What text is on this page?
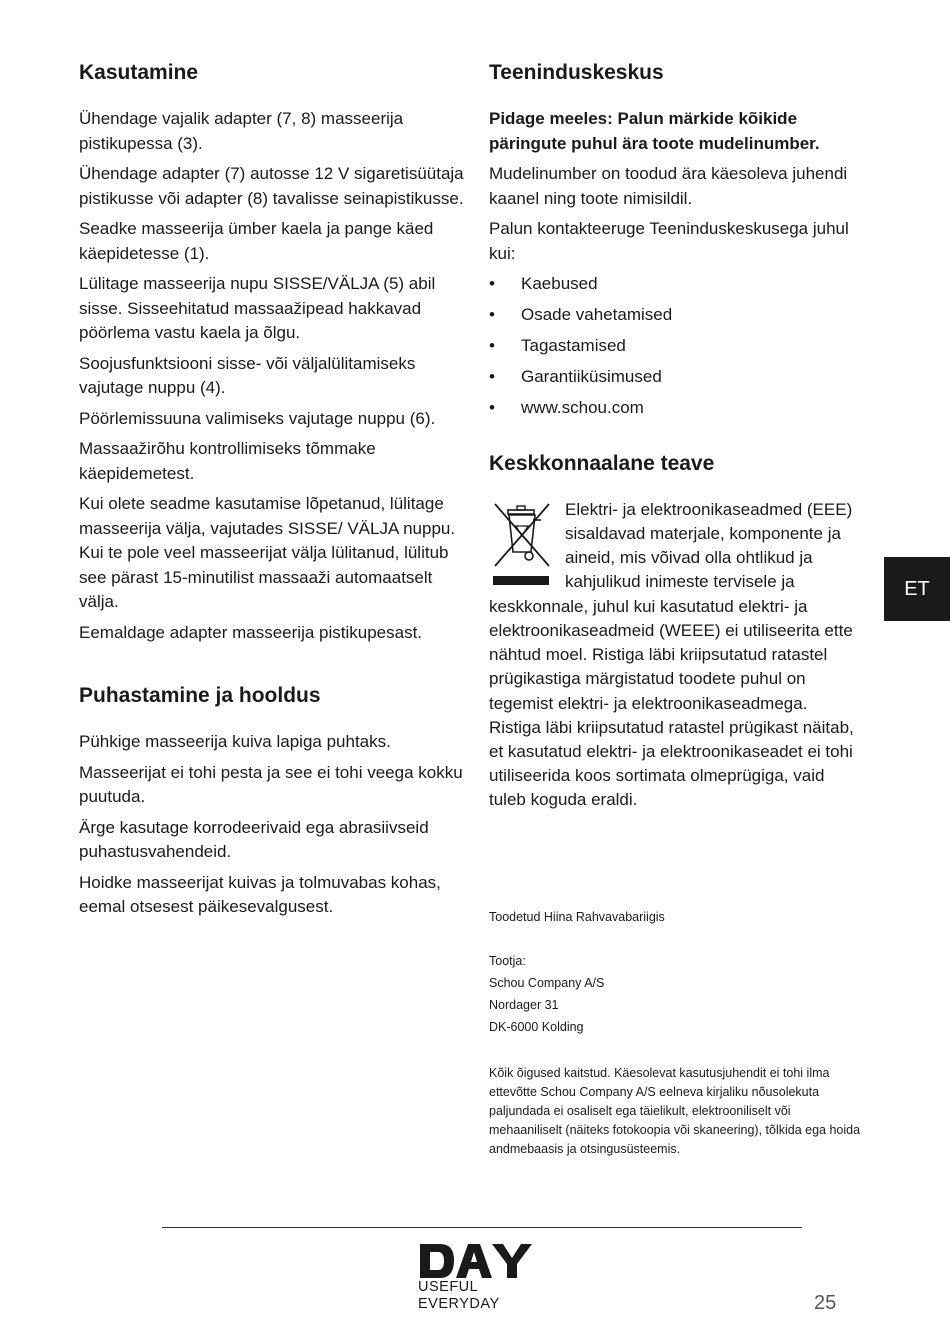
Kasutamine

Ühendage vajalik adapter (7, 8) masseerija pistikupessa (3).

Ühendage adapter (7) autosse 12 V sigaretisüütaja pistikusse või adapter (8) tavalisse seinapistikusse.

Seadke masseerija ümber kaela ja pange käed käepidetesse (1).

Lülitage masseerija nupu SISSE/VÄLJA (5) abil sisse. Sisseehitatud massaažipead hakkavad pöörlema vastu kaela ja õlgu.

Soojusfunktsiooni sisse- või väljalülitamiseks vajutage nuppu (4).

Pöörlemissuuna valimiseks vajutage nuppu (6).

Massaažirõhu kontrollimiseks tõmmake käepidemetest.

Kui olete seadme kasutamise lõpetanud, lülitage masseerija välja, vajutades SISSE/ VÄLJA nuppu. Kui te pole veel masseerijat välja lülitanud, lülitub see pärast 15-minutilist massaaži automaatselt välja.

Eemaldage adapter masseerija pistikupesast.

Puhastamine ja hooldus

Pühkige masseerija kuiva lapiga puhtaks.

Masseerijat ei tohi pesta ja see ei tohi veega kokku puutuda.

Ärge kasutage korrodeerivaid ega abrasiivseid puhastusvahendeid.

Hoidke masseerijat kuivas ja tolmuvabas kohas, eemal otsesest päikesevalgusest.

Teeninduskeskus

Pidage meeles: Palun märkide kõikide päringute puhul ära toote mudelinumber.

Mudelinumber on toodud ära käesoleva juhendi kaanel ning toote nimisildil.

Palun kontakteeruge Teeninduskeskusega juhul kui:

• Kaebused
• Osade vahetamised
• Tagastamised
• Garantiiküsimused
• www.schou.com
Keskkonnaalane teave

Elektri- ja elektroonikaseadmed (EEE) sisaldavad materjale, komponente ja aineid, mis võivad olla ohtlikud ja kahjulikud inimeste tervisele ja keskkonnale, juhul kui kasutatud elektri- ja elektroonikaseadmeid (WEEE) ei utiliseerita ette nähtud moel. Ristiga läbi kriipsutatud ratastel prügikastiga märgistatud toodete puhul on tegemist elektri- ja elektroonikaseadmega. Ristiga läbi kriipsutatud ratastel prügikast näitab, et kasutatud elektri- ja elektroonikaseadet ei tohi utiliseerida koos sortimata olmeprügiga, vaid tuleb koguda eraldi.

Toodetud Hiina Rahvavabariigis

Tootja:

Schou Company A/S

Nordager 31

DK-6000 Kolding

Kõik õigused kaitstud. Käesolevat kasutusjuhendit ei tohi ilma ettevõtte Schou Company A/S eelneva kirjaliku nõusolekuta paljundada ei osaliselt ega täielikult, elektrooniliselt või mehaaniliselt (näiteks fotokoopia või skaneering), tõlkida ega hoida andmebaasis ja otsingusüsteemis.

ET
USEFUL
EVERYDAY	25
